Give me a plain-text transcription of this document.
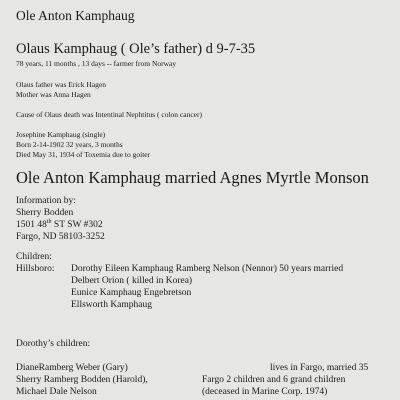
Ole Anton Kamphaug
Olaus Kamphaug ( Ole’s father) d 9-7-35
78 years, 11 months , 13 days -- farmer from Norway
Olaus father was Erick Hagen
Mother was Anna Hagen
Cause of Olaus death was Intentinal Nephtitus ( colon cancer)
Josephine Kamphaug (single)
Born 2-14-1902 32 years, 3 months
Died May 31, 1934 of Toxemia due to goiter
Ole Anton Kamphaug married Agnes Myrtle Monson
Information by:
Sherry Bodden
1501 48th ST SW #302
Fargo, ND 58103-3252
Children:
Hillsboro: Dorothy Eileen Kamphaug Ramberg Nelson (Nennor) 50 years married
Delbert Orion ( killed in Korea)
Eunice Kamphaug Engebretson
Ellsworth Kamphaug
Dorothy’s children:
DianeRamberg Weber (Gary)	lives in Fargo, married 35
Sherry Ramberg Bodden (Harold),	Fargo 2 children and 6 grand children
Michael Dale Nelson	(deceased in Marine Corp. 1974)
